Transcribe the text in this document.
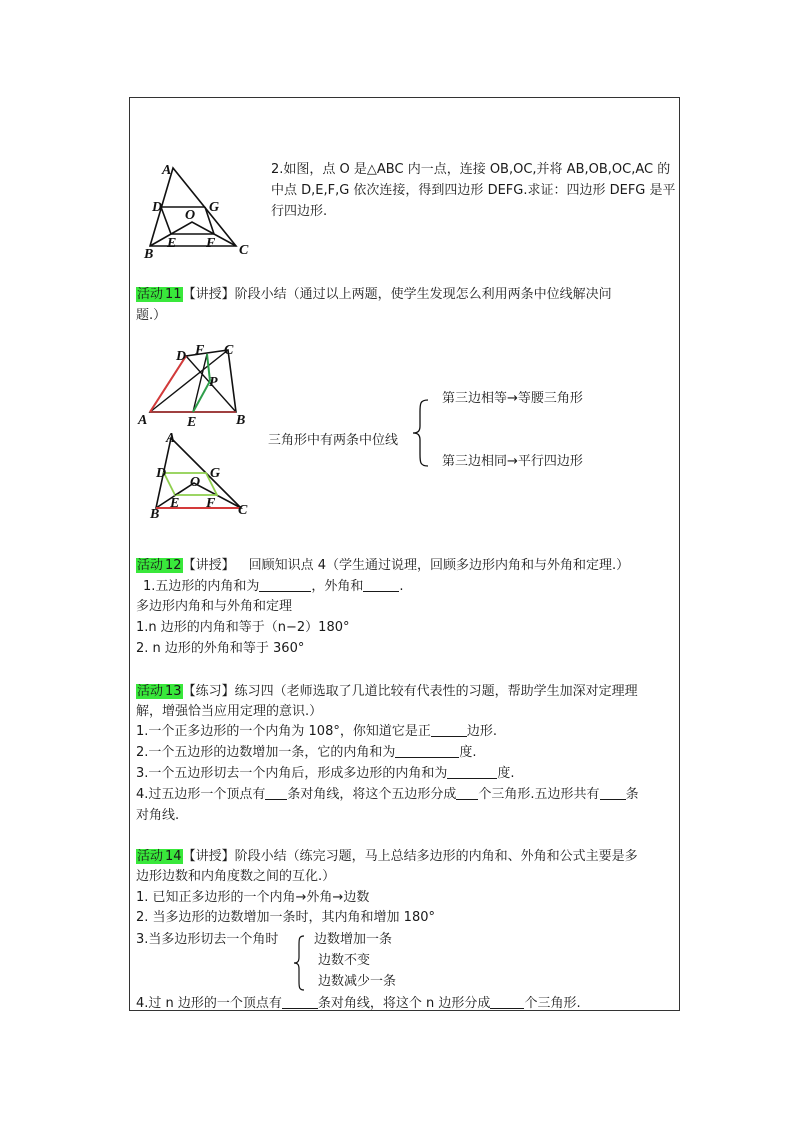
A
D	G
O
B
E F C
2.如图，点 O 是△ABC 内一点，连接 OB,OC,并将 AB,OB,OC,AC 的
中点 D,E,F,G 依次连接，得到四边形 DEFG.求证：四边形 DEFG 是平
行四边形.
活动 11【讲授】阶段小结（通过以上两题，使学生发现怎么利用两条中位线解决问
题.）
D F C
P
A	E	B
A
D	G
O
B
E F C
三角形中有两条中位线
第三边相等→等腰三角形
第三边相同→平行四边形
活动 12【讲授】 回顾知识点 4（学生通过说理，回顾多边形内角和与外角和定理.）
1.五边形的内角和为	，外角和	.
多边形内角和与外角和定理
1.n 边形的内角和等于（n−2）180°
2. n 边形的外角和等于 360°
活动 13【练习】练习四（老师选取了几道比较有代表性的习题，帮助学生加深对定理理
解，增强恰当应用定理的意识.）
1.一个正多边形的一个内角为 108°，你知道它是正	边形.
2.一个五边形的边数增加一条，它的内角和为	度.
3.一个五边形切去一个内角后，形成多边形的内角和为	度.
4.过五边形一个顶点有 条对角线，将这个五边形分成 个三角形.五边形共有 条
对角线.
活动 14【讲授】阶段小结（练完习题，马上总结多边形的内角和、外角和公式主要是多
边形边数和内角度数之间的互化.）
1. 已知正多边形的一个内角→外角→边数
2. 当多边形的边数增加一条时，其内角和增加 180°
3.当多边形切去一个角时	边数增加一条
边数不变
边数减少一条
4.过 n 边形的一个顶点有	条对角线，将这个 n 边形分成	个三角形.
